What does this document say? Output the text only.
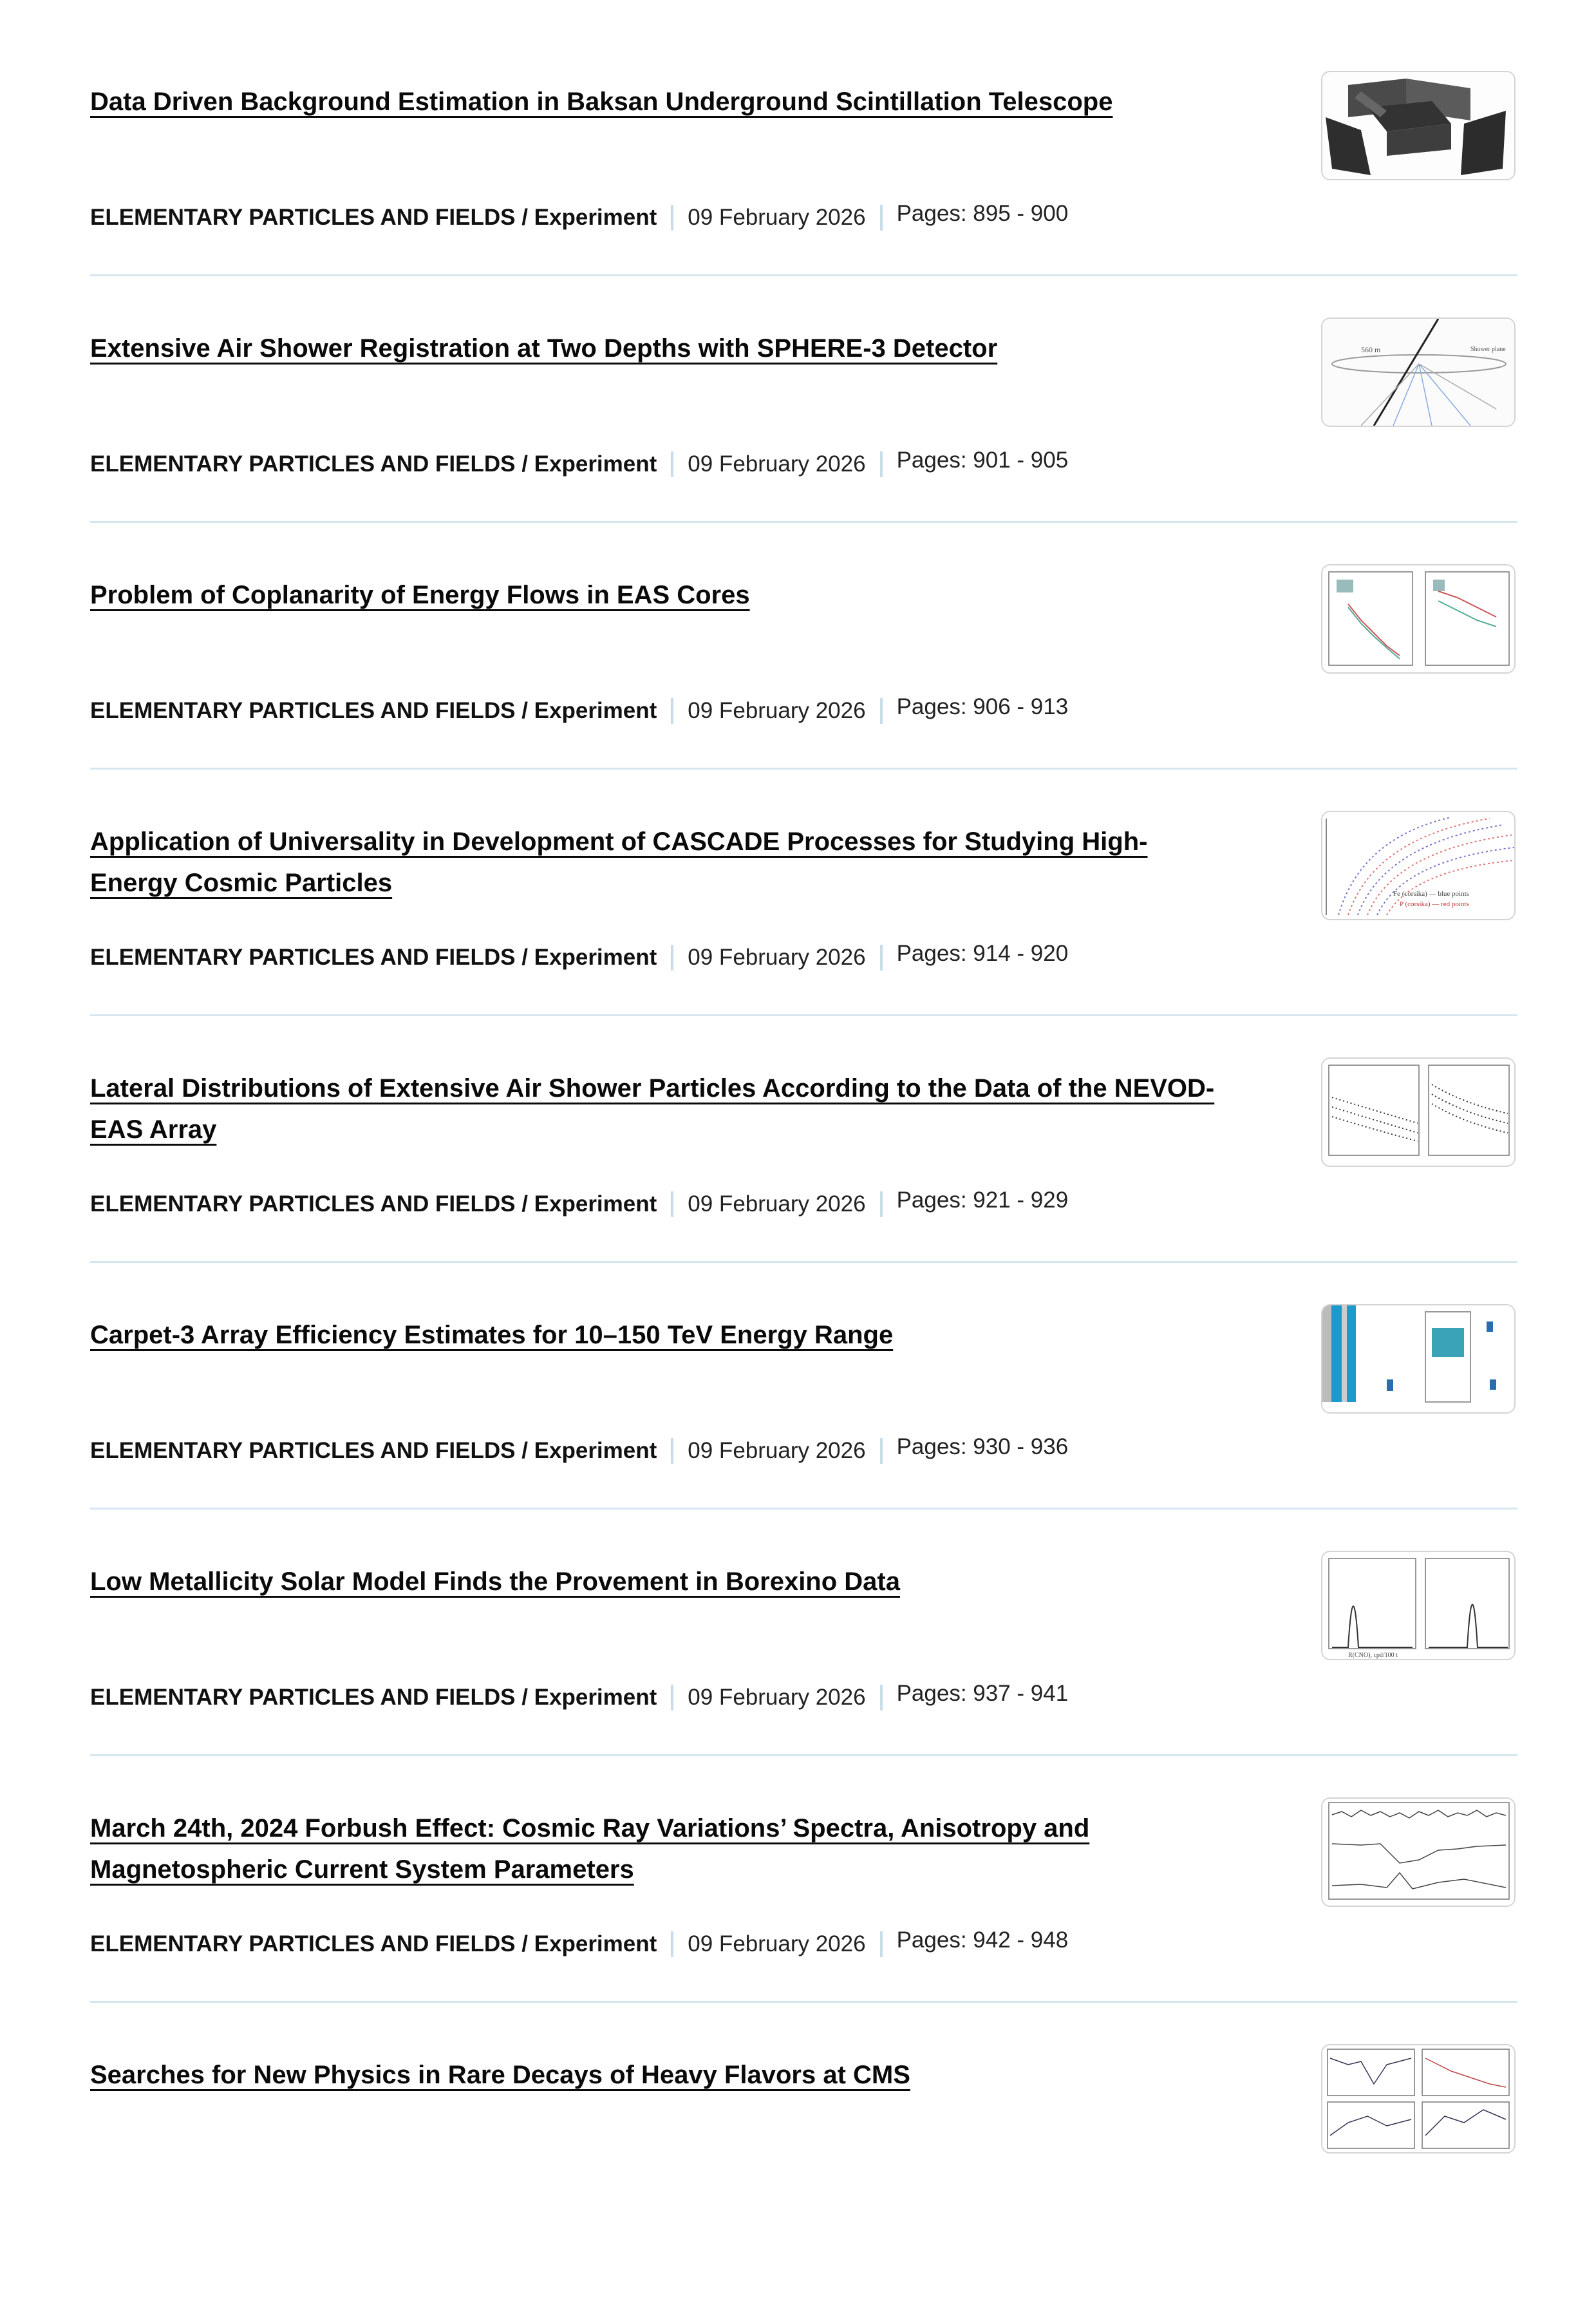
Data Driven Background Estimation in Baksan Underground Scintillation Telescope
ELEMENTARY PARTICLES AND FIELDS / Experiment 09 February 2026 Pages: 895 - 900
Extensive Air Shower Registration at Two Depths with SPHERE-3 Detector	560 m	Shower plane
ELEMENTARY PARTICLES AND FIELDS / Experiment 09 February 2026 Pages: 901 - 905
Problem of Coplanarity of Energy Flows in EAS Cores
ELEMENTARY PARTICLES AND FIELDS / Experiment 09 February 2026 Pages: 906 - 913
Application of Universality in Development of CASCADE Processes for Studying High-Energy Cosmic Particles	Fe (corsika) — blue points
P (corsika) — red points
ELEMENTARY PARTICLES AND FIELDS / Experiment 09 February 2026 Pages: 914 - 920
Lateral Distributions of Extensive Air Shower Particles According to the Data of the NEVOD-EAS Array
ELEMENTARY PARTICLES AND FIELDS / Experiment 09 February 2026 Pages: 921 - 929
Carpet-3 Array Efficiency Estimates for 10–150 TeV Energy Range
ELEMENTARY PARTICLES AND FIELDS / Experiment 09 February 2026 Pages: 930 - 936
Low Metallicity Solar Model Finds the Provement in Borexino Data
R(CNO), cpd/100 t
ELEMENTARY PARTICLES AND FIELDS / Experiment 09 February 2026 Pages: 937 - 941
March 24th, 2024 Forbush Effect: Cosmic Ray Variations’ Spectra, Anisotropy and Magnetospheric Current System Parameters
ELEMENTARY PARTICLES AND FIELDS / Experiment 09 February 2026 Pages: 942 - 948
Searches for New Physics in Rare Decays of Heavy Flavors at CMS
